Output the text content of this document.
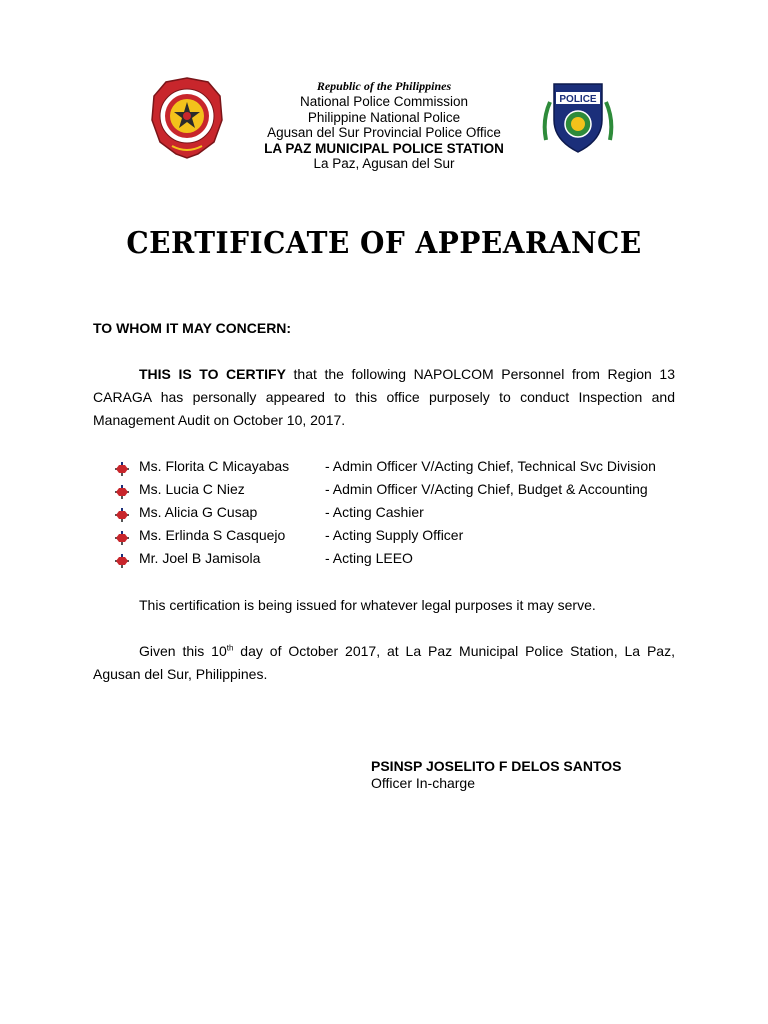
POLICE
Republic of the Philippines
National Police Commission
Philippine National Police
Agusan del Sur Provincial Police Office
LA PAZ MUNICIPAL POLICE STATION
La Paz, Agusan del Sur
CERTIFICATE OF APPEARANCE
TO WHOM IT MAY CONCERN:
THIS IS TO CERTIFY that the following NAPOLCOM Personnel from Region 13 CARAGA has personally appeared to this office purposely to conduct Inspection and Management Audit on October 10, 2017.
Ms. Florita C Micayabas	- Admin Officer V/Acting Chief, Technical Svc Division
Ms. Lucia C Niez	- Admin Officer V/Acting Chief, Budget & Accounting
Ms. Alicia G Cusap	- Acting Cashier
Ms. Erlinda S Casquejo	- Acting Supply Officer
Mr. Joel B Jamisola	- Acting LEEO
This certification is being issued for whatever legal purposes it may serve.
Given this 10th day of October 2017, at La Paz Municipal Police Station, La Paz, Agusan del Sur, Philippines.
PSINSP JOSELITO F DELOS SANTOS
Officer In-charge
